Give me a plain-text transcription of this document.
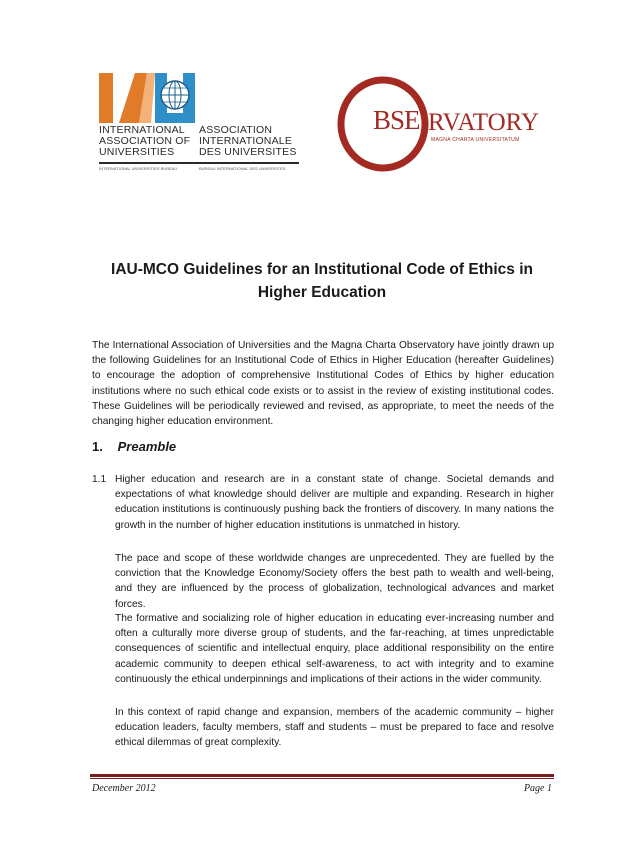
INTERNATIONAL	ASSOCIATION
ASSOCIATION OF INTERNATIONALE
UNIVERSITIES	DES UNIVERSITES
INTERNATIONAL UNIVERSITIES BUREAU	BUREAU INTERNATIONAL DES UNIVERSITES
BSE RVATORY
MAGNA CHARTA UNIVERSITATUM
IAU-MCO Guidelines for an Institutional Code of Ethics in
Higher Education
The International Association of Universities and the Magna Charta Observatory have jointly drawn up the following Guidelines for an Institutional Code of Ethics in Higher Education (hereafter Guidelines) to encourage the adoption of comprehensive Institutional Codes of Ethics by higher education institutions where no such ethical code exists or to assist in the review of existing institutional codes. These Guidelines will be periodically reviewed and revised, as appropriate, to meet the needs of the changing higher education environment.
1. Preamble
1.1 Higher education and research are in a constant state of change. Societal demands and expectations of what knowledge should deliver are multiple and expanding. Research in higher education institutions is continuously pushing back the frontiers of discovery. In many nations the growth in the number of higher education institutions is unmatched in history.
The pace and scope of these worldwide changes are unprecedented. They are fuelled by the conviction that the Knowledge Economy/Society offers the best path to wealth and well-being, and they are influenced by the process of globalization, technological advances and market forces.
The formative and socializing role of higher education in educating ever-increasing number and often a culturally more diverse group of students, and the far-reaching, at times unpredictable consequences of scientific and intellectual enquiry, place additional responsibility on the entire academic community to deepen ethical self-awareness, to act with integrity and to examine continuously the ethical underpinnings and implications of their actions in the wider community.
In this context of rapid change and expansion, members of the academic community – higher education leaders, faculty members, staff and students – must be prepared to face and resolve ethical dilemmas of great complexity.
December 2012	Page 1
